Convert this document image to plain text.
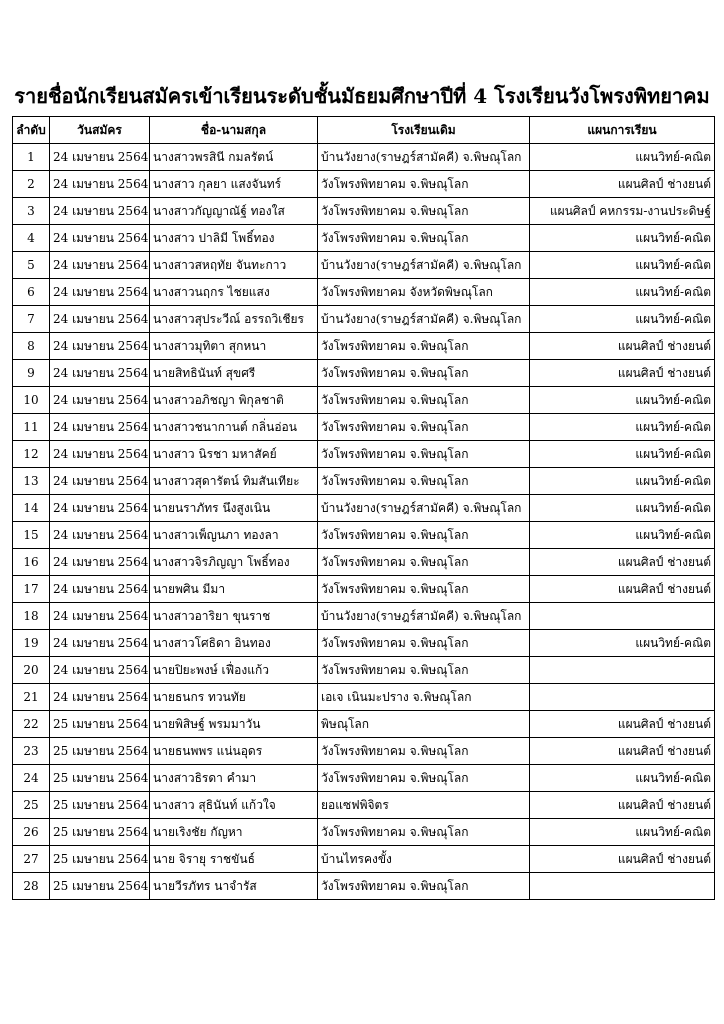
รายชื่อนักเรียนสมัครเข้าเรียนระดับชั้นมัธยมศึกษาปีที่ 4 โรงเรียนวังโพรงพิทยาคม
ลำดับ	วันสมัคร	ชื่อ-นามสกุล	โรงเรียนเดิม	แผนการเรียน
1	24 เมษายน 2564	นางสาวพรสินี กมลรัตน์	บ้านวังยาง(ราษฎร์สามัคคี) จ.พิษณุโลก	แผนวิทย์-คณิต
2	24 เมษายน 2564	นางสาว กุลยา แสงจันทร์	วังโพรงพิทยาคม จ.พิษณุโลก	แผนศิลป์ ช่างยนต์
3	24 เมษายน 2564	นางสาวกัญญาณัฐ์ ทองใส	วังโพรงพิทยาคม จ.พิษณุโลก	แผนศิลป์ คหกรรม-งานประดิษฐ์
4	24 เมษายน 2564	นางสาว ปาลิมี โพธิ์ทอง	วังโพรงพิทยาคม จ.พิษณุโลก	แผนวิทย์-คณิต
5	24 เมษายน 2564	นางสาวสหฤทัย จันทะกาว	บ้านวังยาง(ราษฎร์สามัคคี) จ.พิษณุโลก	แผนวิทย์-คณิต
6	24 เมษายน 2564	นางสาวนฤกร ไชยแสง	วังโพรงพิทยาคม จังหวัดพิษณุโลก	แผนวิทย์-คณิต
7	24 เมษายน 2564	นางสาวสุประวีณ์ อรรถวิเชียร	บ้านวังยาง(ราษฎร์สามัคคี) จ.พิษณุโลก	แผนวิทย์-คณิต
8	24 เมษายน 2564	นางสาวมุทิตา สุกหนา	วังโพรงพิทยาคม จ.พิษณุโลก	แผนศิลป์ ช่างยนต์
9	24 เมษายน 2564	นายสิทธินันท์ สุขศรี	วังโพรงพิทยาคม จ.พิษณุโลก	แผนศิลป์ ช่างยนต์
10	24 เมษายน 2564	นางสาวอภิชญา พิกุลชาติ	วังโพรงพิทยาคม จ.พิษณุโลก	แผนวิทย์-คณิต
11	24 เมษายน 2564	นางสาวชนากานต์ กลิ่นอ่อน	วังโพรงพิทยาคม จ.พิษณุโลก	แผนวิทย์-คณิต
12	24 เมษายน 2564	นางสาว นิรชา มหาสัคย์	วังโพรงพิทยาคม จ.พิษณุโลก	แผนวิทย์-คณิต
13	24 เมษายน 2564	นางสาวสุดารัตน์ ทิมสันเทียะ	วังโพรงพิทยาคม จ.พิษณุโลก	แผนวิทย์-คณิต
14	24 เมษายน 2564	นายนราภัทร นึงสูงเนิน	บ้านวังยาง(ราษฎร์สามัคคี) จ.พิษณุโลก	แผนวิทย์-คณิต
15	24 เมษายน 2564	นางสาวเพ็ญนภา ทองลา	วังโพรงพิทยาคม จ.พิษณุโลก	แผนวิทย์-คณิต
16	24 เมษายน 2564	นางสาวจิรภิญญา โพธิ์ทอง	วังโพรงพิทยาคม จ.พิษณุโลก	แผนศิลป์ ช่างยนต์
17	24 เมษายน 2564	นายพศิน มีมา	วังโพรงพิทยาคม จ.พิษณุโลก	แผนศิลป์ ช่างยนต์
18	24 เมษายน 2564	นางสาวอาริยา ขุนราช	บ้านวังยาง(ราษฎร์สามัคคี) จ.พิษณุโลก	
19	24 เมษายน 2564	นางสาวโศธิดา อินทอง	วังโพรงพิทยาคม จ.พิษณุโลก	แผนวิทย์-คณิต
20	24 เมษายน 2564	นายปิยะพงษ์ เฟื่องแก้ว	วังโพรงพิทยาคม จ.พิษณุโลก	
21	24 เมษายน 2564	นายธนกร ทวนทัย	เอเจ เนินมะปราง จ.พิษณุโลก	
22	25 เมษายน 2564	นายพิสิษฐ์ พรมมาวัน	พิษณุโลก	แผนศิลป์ ช่างยนต์
23	25 เมษายน 2564	นายธนพพร แน่นอุดร	วังโพรงพิทยาคม จ.พิษณุโลก	แผนศิลป์ ช่างยนต์
24	25 เมษายน 2564	นางสาวธิรดา คำมา	วังโพรงพิทยาคม จ.พิษณุโลก	แผนวิทย์-คณิต
25	25 เมษายน 2564	นางสาว สุธินันท์ แก้วใจ	ยอแซฟพิจิตร	แผนศิลป์ ช่างยนต์
26	25 เมษายน 2564	นายเริงชัย กัญหา	วังโพรงพิทยาคม จ.พิษณุโลก	แผนวิทย์-คณิต
27	25 เมษายน 2564	นาย จิรายุ ราชขันธ์	บ้านไทรคงขั้ง	แผนศิลป์ ช่างยนต์
28	25 เมษายน 2564	นายวีรภัทร นาจำรัส	วังโพรงพิทยาคม จ.พิษณุโลก	
